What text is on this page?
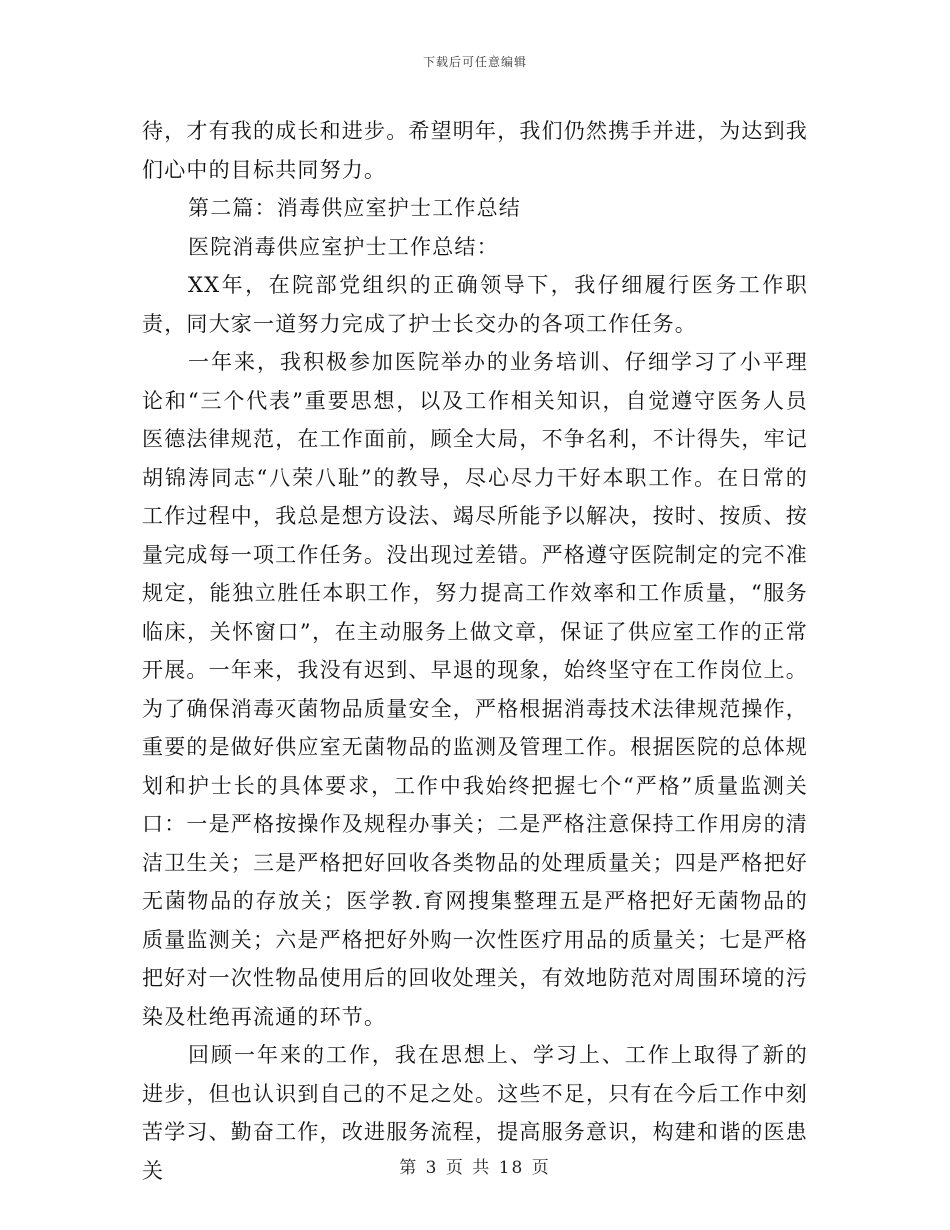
下载后可任意编辑

待，才有我的成长和进步。希望明年，我们仍然携手并进，为达到我们心中的目标共同努力。

第二篇：消毒供应室护士工作总结

医院消毒供应室护士工作总结：

XX年，在院部党组织的正确领导下，我仔细履行医务工作职责，同大家一道努力完成了护士长交办的各项工作任务。

一年来，我积极参加医院举办的业务培训、仔细学习了小平理论和“三个代表”重要思想，以及工作相关知识，自觉遵守医务人员医德法律规范，在工作面前，顾全大局，不争名利，不计得失，牢记胡锦涛同志“八荣八耻”的教导，尽心尽力干好本职工作。在日常的工作过程中，我总是想方设法、竭尽所能予以解决，按时、按质、按量完成每一项工作任务。没出现过差错。严格遵守医院制定的完不准规定，能独立胜任本职工作，努力提高工作效率和工作质量，“服务临床，关怀窗口”，在主动服务上做文章，保证了供应室工作的正常开展。一年来，我没有迟到、早退的现象，始终坚守在工作岗位上。为了确保消毒灭菌物品质量安全，严格根据消毒技术法律规范操作，重要的是做好供应室无菌物品的监测及管理工作。根据医院的总体规划和护士长的具体要求，工作中我始终把握七个“严格”质量监测关口：一是严格按操作及规程办事关；二是严格注意保持工作用房的清洁卫生关；三是严格把好回收各类物品的处理质量关；四是严格把好无菌物品的存放关；医学教.育网搜集整理五是严格把好无菌物品的质量监测关；六是严格把好外购一次性医疗用品的质量关；七是严格把好对一次性物品使用后的回收处理关，有效地防范对周围环境的污染及杜绝再流通的环节。

回顾一年来的工作，我在思想上、学习上、工作上取得了新的进步，但也认识到自己的不足之处。这些不足，只有在今后工作中刻苦学习、勤奋工作，改进服务流程，提高服务意识，构建和谐的医患关	第 3 页 共 18 页
